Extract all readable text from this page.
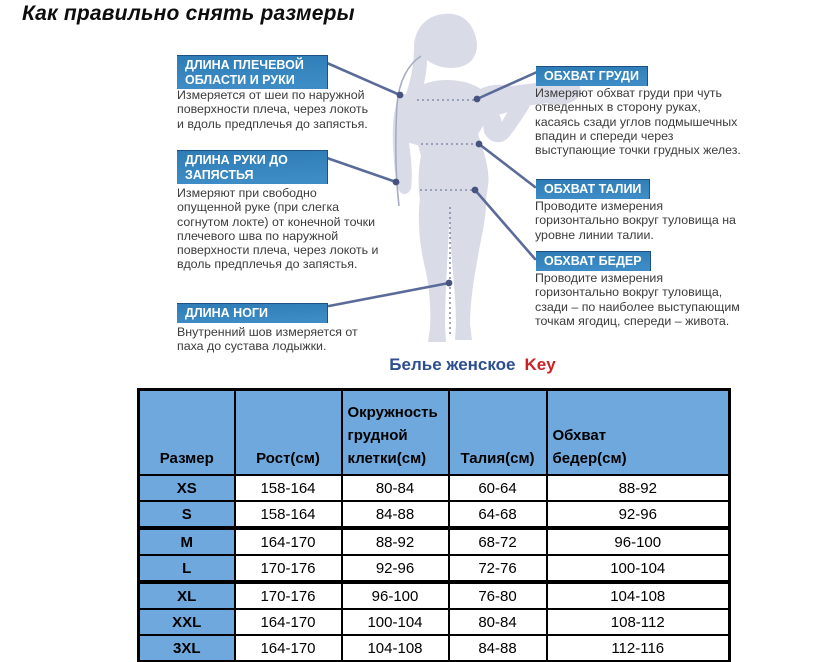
Как правильно снять размеры
ДЛИНА ПЛЕЧЕВОЙ ОБЛАСТИ И РУКИ
Измеряется от шеи по наружной поверхности плеча, через локоть и вдоль предплечья до запястья.
ДЛИНА РУКИ ДО ЗАПЯСТЬЯ
Измеряют при свободно опущенной руке (при слегка согнутом локте) от конечной точки плечевого шва по наружной поверхности плеча, через локоть и вдоль предплечья до запястья.
ДЛИНА НОГИ
Внутренний шов измеряется от паха до сустава лодыжки.
ОБХВАТ ГРУДИ
Измеряют обхват груди при чуть отведенных в сторону руках, касаясь сзади углов подмышечных впадин и спереди через выступающие точки грудных желез.
ОБХВАТ ТАЛИИ
Проводите измерения горизонтально вокруг туловища на уровне линии талии.
ОБХВАТ БЕДЕР
Проводите измерения горизонтально вокруг туловища, сзади – по наиболее выступающим точкам ягодиц, спереди – живота.
Белье женское Key
Размер	Рост(см)	Окружность грудной клетки(см)	Талия(см)	Обхват бедер(см)
XS	158-164	80-84	60-64	88-92
S	158-164	84-88	64-68	92-96
M	164-170	88-92	68-72	96-100
L	170-176	92-96	72-76	100-104
XL	170-176	96-100	76-80	104-108
XXL	164-170	100-104	80-84	108-112
3XL	164-170	104-108	84-88	112-116
